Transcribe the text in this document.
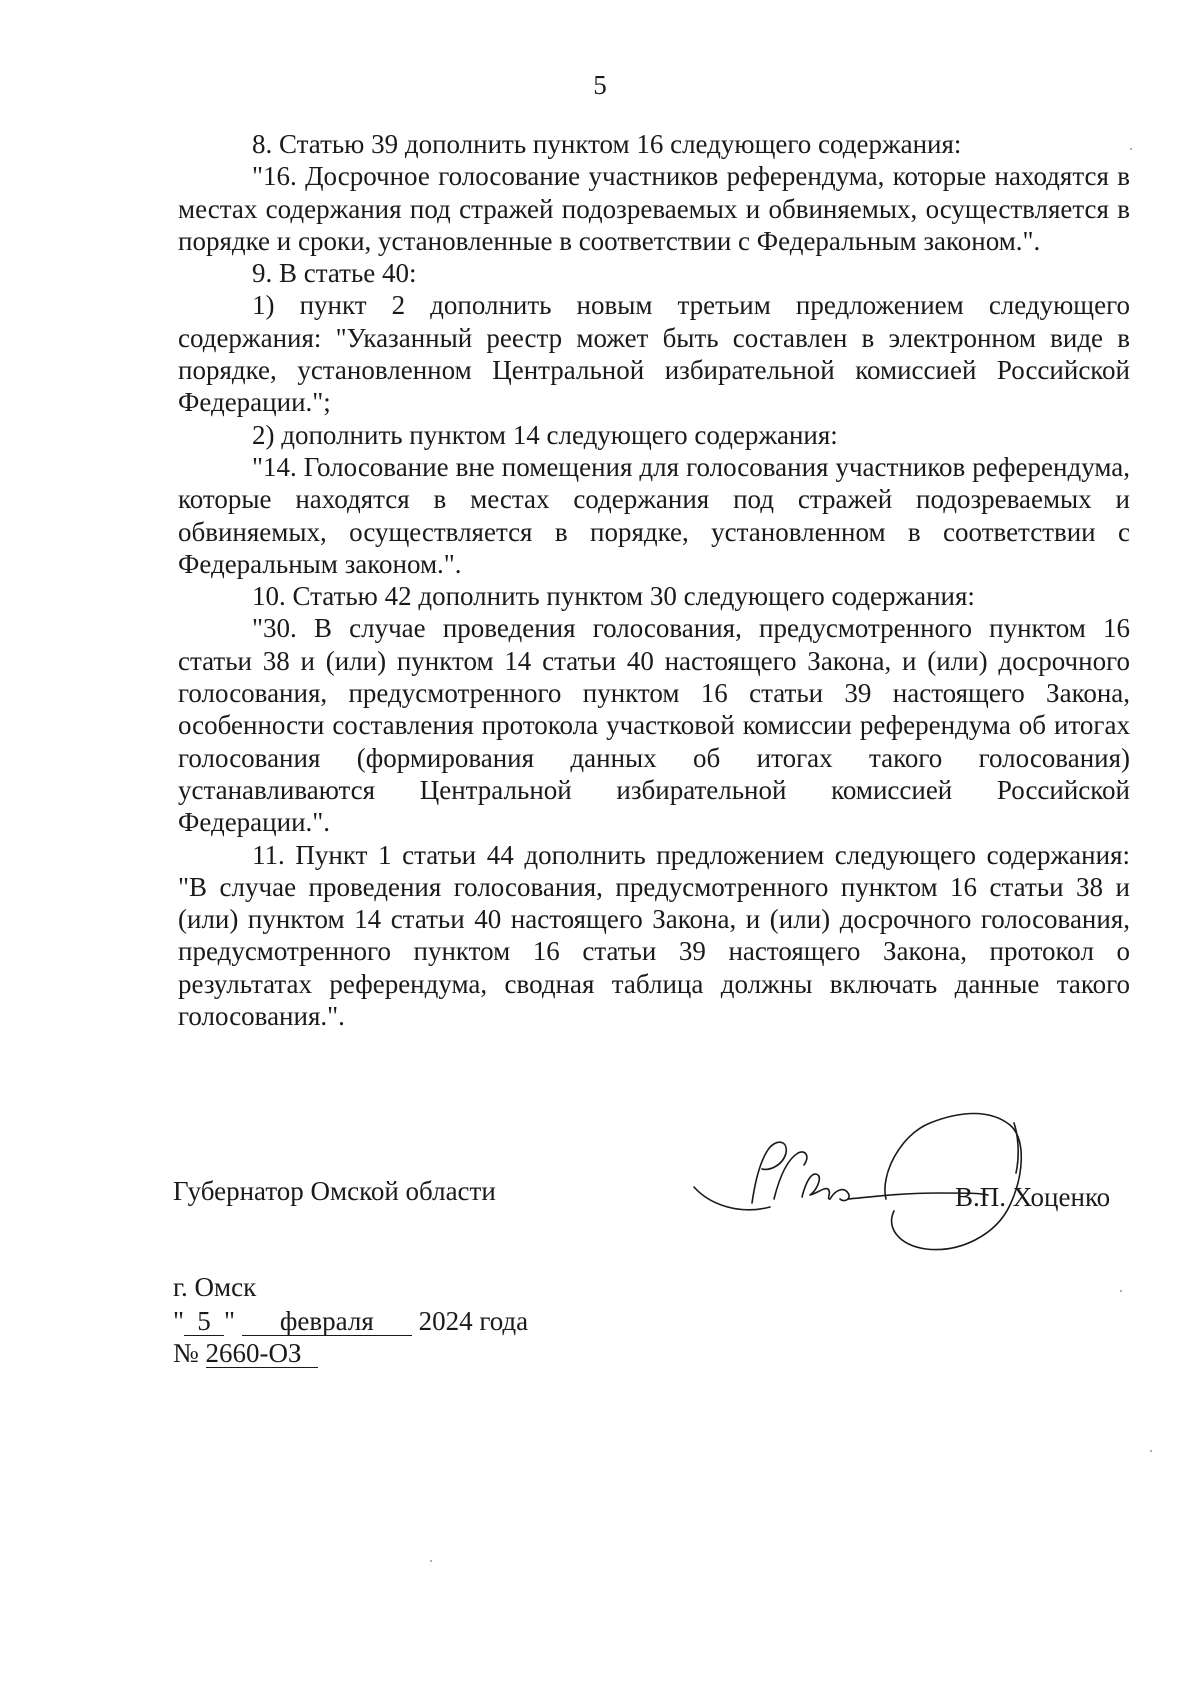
5

8. Статью 39 дополнить пунктом 16 следующего содержания:

"16. Досрочное голосование участников референдума, которые находятся в местах содержания под стражей подозреваемых и обвиняемых, осуществляется в порядке и сроки, установленные в соответствии с Федеральным законом.".

9. В статье 40:

1) пункт 2 дополнить новым третьим предложением следующего содержания: "Указанный реестр может быть составлен в электронном виде в порядке, установленном Центральной избирательной комиссией Российской Федерации.";

2) дополнить пунктом 14 следующего содержания:

"14. Голосование вне помещения для голосования участников референдума, которые находятся в местах содержания под стражей подозреваемых и обвиняемых, осуществляется в порядке, установленном в соответствии с Федеральным законом.".

10. Статью 42 дополнить пунктом 30 следующего содержания:

"30. В случае проведения голосования, предусмотренного пунктом 16 статьи 38 и (или) пунктом 14 статьи 40 настоящего Закона, и (или) досрочного голосования, предусмотренного пунктом 16 статьи 39 настоящего Закона, особенности составления протокола участковой комиссии референдума об итогах голосования (формирования данных об итогах такого голосования) устанавливаются Центральной избирательной комиссией Российской Федерации.".

11. Пункт 1 статьи 44 дополнить предложением следующего содержания: "В случае проведения голосования, предусмотренного пунктом 16 статьи 38 и (или) пунктом 14 статьи 40 настоящего Закона, и (или) досрочного голосования, предусмотренного пунктом 16 статьи 39 настоящего Закона, протокол о результатах референдума, сводная таблица должны включать данные такого голосования.".

Губернатор Омской области	В.П. Хоценко
г. Омск
" 5 " февраля 2024 года
№ 2660-ОЗ
